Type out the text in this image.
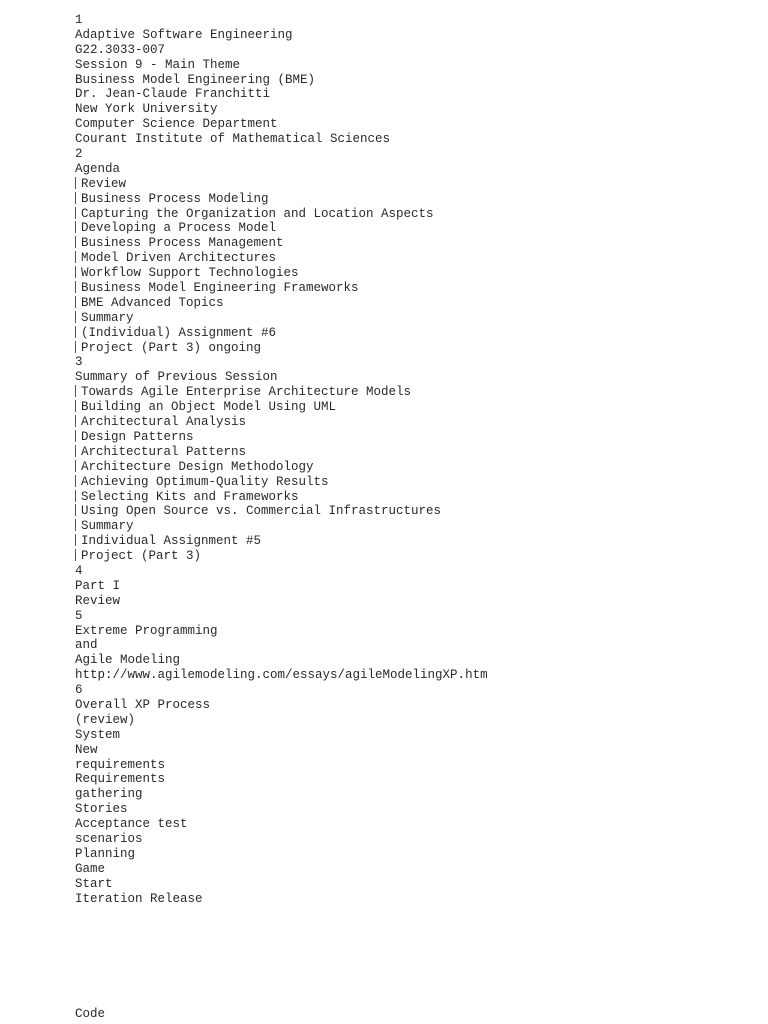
1
Adaptive Software Engineering
G22.3033-007
Session 9 - Main Theme
Business Model Engineering (BME)
Dr. Jean-Claude Franchitti
New York University
Computer Science Department
Courant Institute of Mathematical Sciences
2
Agenda
Review
Business Process Modeling
Capturing the Organization and Location Aspects
Developing a Process Model
Business Process Management
Model Driven Architectures
Workflow Support Technologies
Business Model Engineering Frameworks
BME Advanced Topics
Summary
(Individual) Assignment #6
Project (Part 3) ongoing
3
Summary of Previous Session
Towards Agile Enterprise Architecture Models
Building an Object Model Using UML
Architectural Analysis
Design Patterns
Architectural Patterns
Architecture Design Methodology
Achieving Optimum-Quality Results
Selecting Kits and Frameworks
Using Open Source vs. Commercial Infrastructures
Summary
Individual Assignment #5
Project (Part 3)
4
Part I
Review
5
Extreme Programming
and
Agile Modeling
http://www.agilemodeling.com/essays/agileModelingXP.htm
6
Overall XP Process
(review)
System
New
requirements
Requirements
gathering
Stories
Acceptance test
scenarios
Planning
Game
Start
Iteration Release
Code
